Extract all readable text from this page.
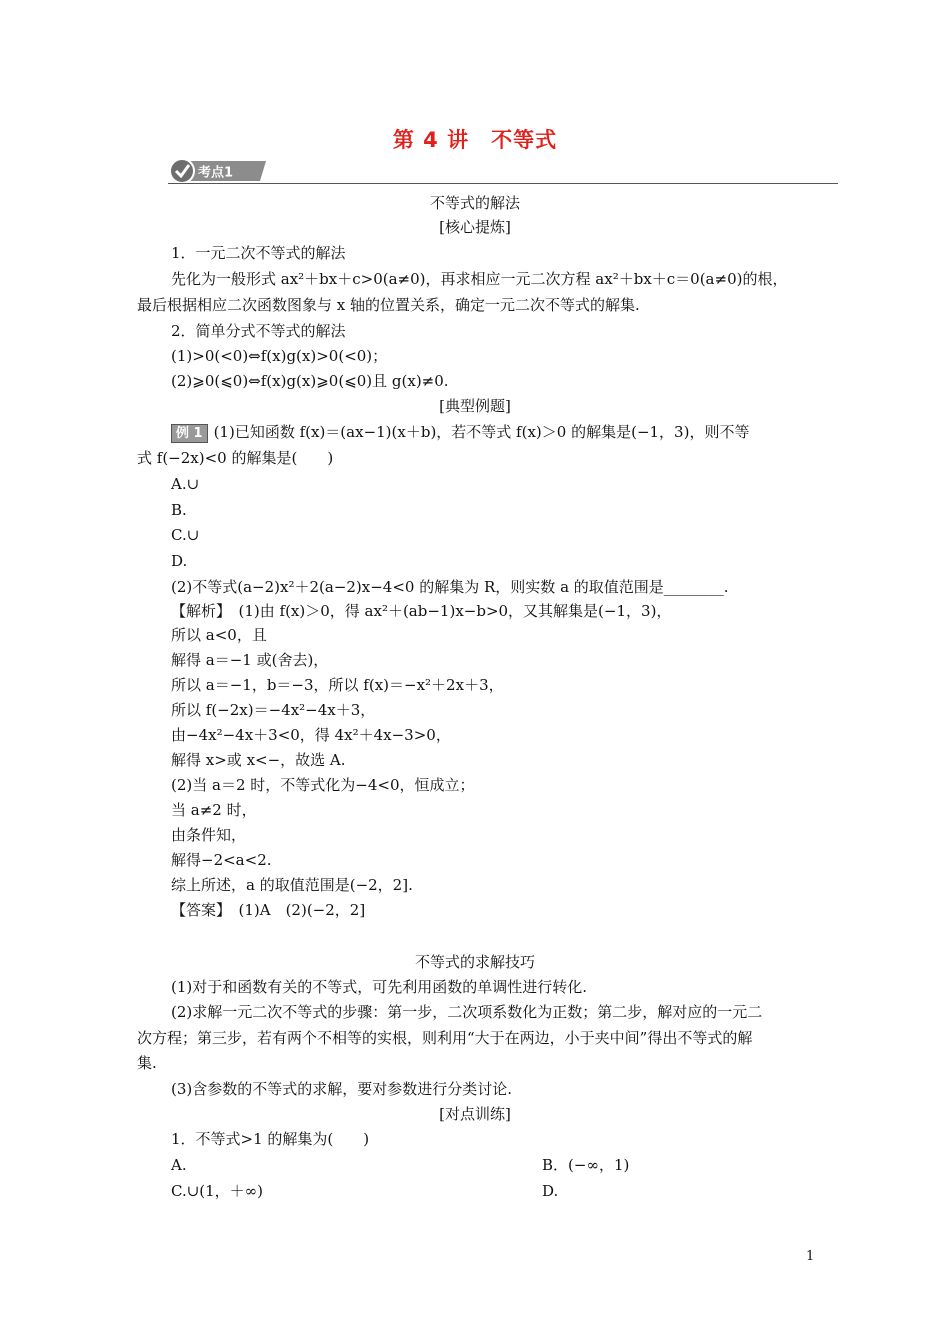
第 4 讲　不等式
考点1
例 1 (1)已知函数 f(x)＝(ax−1)(x＋b)，若不等式 f(x)＞0 的解集是(−1，3)，则不等
不等式的解法
[核心提炼]
1．一元二次不等式的解法
先化为一般形式 ax²＋bx＋c>0(a≠0)，再求相应一元二次方程 ax²＋bx＋c＝0(a≠0)的根，
最后根据相应二次函数图象与 x 轴的位置关系，确定一元二次不等式的解集.
2．简单分式不等式的解法
(1)>0(<0)⇔f(x)g(x)>0(<0)；
(2)⩾0(⩽0)⇔f(x)g(x)⩾0(⩽0)且 g(x)≠0.
[典型例题]
式 f(−2x)<0 的解集是(　　)
A.∪
B.
C.∪
D.
(2)不等式(a−2)x²＋2(a−2)x−4<0 的解集为 R，则实数 a 的取值范围是________.
【解析】　(1)由 f(x)＞0，得 ax²＋(ab−1)x−b>0，又其解集是(−1，3)，
所以 a<0，且
解得 a＝−1 或(舍去)，
所以 a＝−1，b＝−3，所以 f(x)＝−x²＋2x＋3，
所以 f(−2x)＝−4x²−4x＋3，
由−4x²−4x＋3<0，得 4x²＋4x−3>0，
解得 x>或 x<−，故选 A.
(2)当 a＝2 时，不等式化为−4<0，恒成立；
当 a≠2 时，
由条件知，
解得−2<a<2.
综上所述，a 的取值范围是(−2，2].
【答案】　(1)A　(2)(−2，2]
不等式的求解技巧
(1)对于和函数有关的不等式，可先利用函数的单调性进行转化.
(2)求解一元二次不等式的步骤：第一步，二次项系数化为正数；第二步，解对应的一元二
次方程；第三步，若有两个不相等的实根，则利用“大于在两边，小于夹中间”得出不等式的解
集.
(3)含参数的不等式的求解，要对参数进行分类讨论.
[对点训练]
1．不等式>1 的解集为(　　)
A.	B．(−∞，1)
C.∪(1，＋∞)	D.
1
